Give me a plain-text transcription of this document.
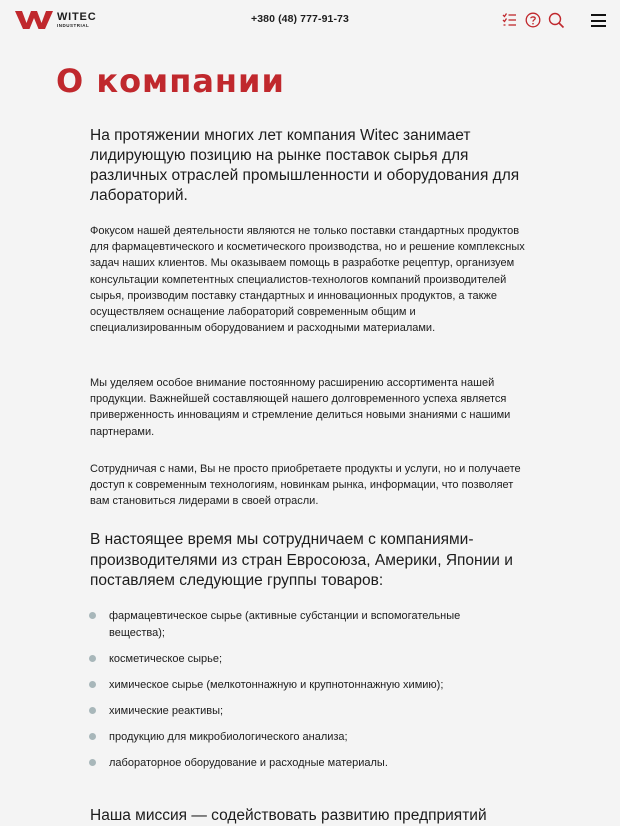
WITEC
INDUSTRIAL
+380 (48) 777-91-73
О компании

На протяжении многих лет компания Witec занимает лидирующую позицию на рынке поставок сырья для различных отраслей промышленности и оборудования для лабораторий.

Фокусом нашей деятельности являются не только поставки стандартных продуктов для фармацевтического и косметического производства, но и решение комплексных задач наших клиентов. Мы оказываем помощь в разработке рецептур, организуем консультации компетентных специалистов-технологов компаний производителей сырья, производим поставку стандартных и инновационных продуктов, а также осуществляем оснащение лабораторий современным общим и специализированным оборудованием и расходными материалами.

Мы уделяем особое внимание постоянному расширению ассортимента нашей продукции. Важнейшей составляющей нашего долговременного успеха является приверженность инновациям и стремление делиться новыми знаниями с нашими партнерами.

Сотрудничая с нами, Вы не просто приобретаете продукты и услуги, но и получаете доступ к современным технологиям, новинкам рынка, информации, что позволяет вам становиться лидерами в своей отрасли.

В настоящее время мы сотрудничаем с компаниями-производителями из стран Евросоюза, Америки, Японии и поставляем следующие группы товаров:

фармацевтическое сырье (активные субстанции и вспомогательные вещества);
косметическое сырье;
химическое сырье (мелкотоннажную и крупнотоннажную химию);
химические реактивы;
продукцию для микробиологического анализа;
лабораторное оборудование и расходные материалы.

Наша миссия — содействовать развитию предприятий
